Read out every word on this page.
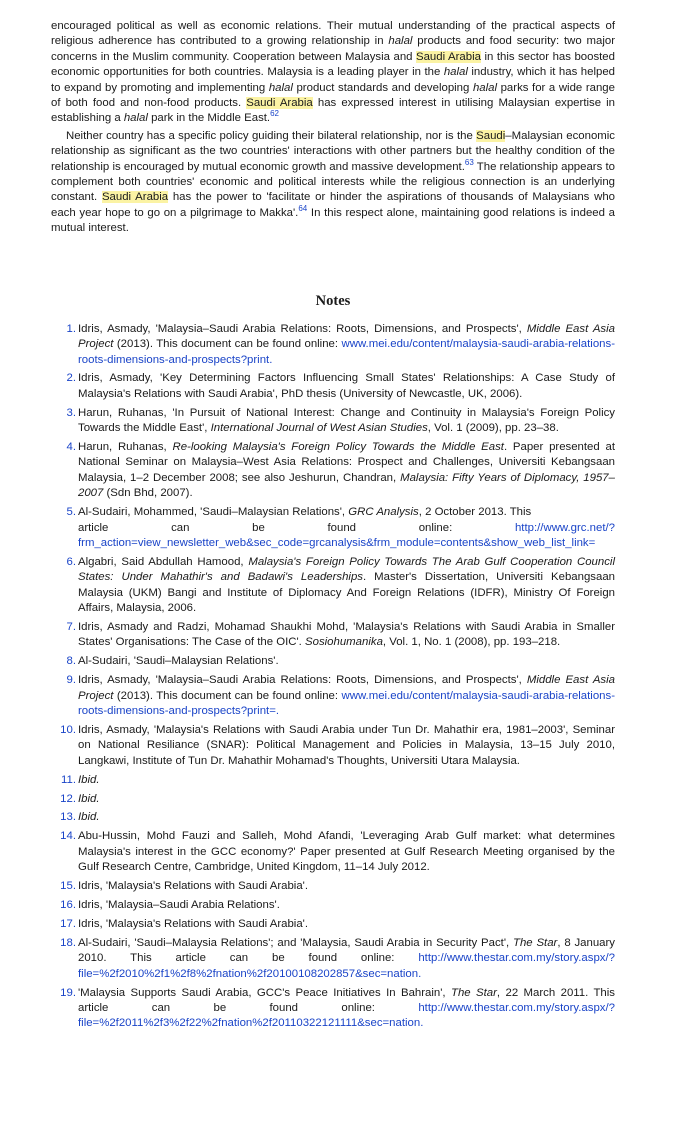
encouraged political as well as economic relations. Their mutual understanding of the practical aspects of religious adherence has contributed to a growing relationship in halal products and food security: two major concerns in the Muslim community. Cooperation between Malaysia and Saudi Arabia in this sector has boosted economic opportunities for both countries. Malaysia is a leading player in the halal industry, which it has helped to expand by promoting and implementing halal product standards and developing halal parks for a wide range of both food and non-food products. Saudi Arabia has expressed interest in utilising Malaysian expertise in establishing a halal park in the Middle East.$^{62}$

Neither country has a specific policy guiding their bilateral relationship, nor is the Saudi–Malaysian economic relationship as significant as the two countries' interactions with other partners but the healthy condition of the relationship is encouraged by mutual economic growth and massive development.$^{63}$ The relationship appears to complement both countries' economic and political interests while the religious connection is an underlying constant. Saudi Arabia has the power to 'facilitate or hinder the aspirations of thousands of Malaysians who each year hope to go on a pilgrimage to Makka'.$^{64}$ In this respect alone, maintaining good relations is indeed a mutual interest.

Notes
1. Idris, Asmady, 'Malaysia–Saudi Arabia Relations: Roots, Dimensions, and Prospects', Middle East Asia Project (2013). This document can be found online: www.mei.edu/content/malaysia-saudi-arabia-relations-roots-dimensions-and-prospects?print.
2. Idris, Asmady, 'Key Determining Factors Influencing Small States' Relationships: A Case Study of Malaysia's Relations with Saudi Arabia', PhD thesis (University of Newcastle, UK, 2006).
3. Harun, Ruhanas, 'In Pursuit of National Interest: Change and Continuity in Malaysia's Foreign Policy Towards the Middle East', International Journal of West Asian Studies, Vol. 1 (2009), pp. 23–38.
4. Harun, Ruhanas, Re-looking Malaysia's Foreign Policy Towards the Middle East. Paper presented at National Seminar on Malaysia–West Asia Relations: Prospect and Challenges, Universiti Kebangsaan Malaysia, 1–2 December 2008; see also Jeshurun, Chandran, Malaysia: Fifty Years of Diplomacy, 1957–2007 (Sdn Bhd, 2007).
5. Al-Sudairi, Mohammed, 'Saudi–Malaysian Relations', GRC Analysis, 2 October 2013. This
article	can	be	found	online:	http://www.grc.net/?
frm_action=view_newsletter_web&sec_code=grcanalysis&frm_module=contents&show_web_list_link=
6. Algabri, Said Abdullah Hamood, Malaysia's Foreign Policy Towards The Arab Gulf Cooperation Council States: Under Mahathir's and Badawi's Leaderships. Master's Dissertation, Universiti Kebangsaan Malaysia (UKM) Bangi and Institute of Diplomacy And Foreign Relations (IDFR), Ministry Of Foreign Affairs, Malaysia, 2006.
7. Idris, Asmady and Radzi, Mohamad Shaukhi Mohd, 'Malaysia's Relations with Saudi Arabia in Smaller States' Organisations: The Case of the OIC'. Sosiohumanika, Vol. 1, No. 1 (2008), pp. 193–218.
8. Al-Sudairi, 'Saudi–Malaysian Relations'.
9. Idris, Asmady, 'Malaysia–Saudi Arabia Relations: Roots, Dimensions, and Prospects', Middle East Asia Project (2013). This document can be found online: www.mei.edu/content/malaysia-saudi-arabia-relations-roots-dimensions-and-prospects?print=.
10. Idris, Asmady, 'Malaysia's Relations with Saudi Arabia under Tun Dr. Mahathir era, 1981–2003', Seminar on National Resiliance (SNAR): Political Management and Policies in Malaysia, 13–15 July 2010, Langkawi, Institute of Tun Dr. Mahathir Mohamad's Thoughts, Universiti Utara Malaysia.
11. Ibid.
12. Ibid.
13. Ibid.
14. Abu-Hussin, Mohd Fauzi and Salleh, Mohd Afandi, 'Leveraging Arab Gulf market: what determines Malaysia's interest in the GCC economy?' Paper presented at Gulf Research Meeting organised by the Gulf Research Centre, Cambridge, United Kingdom, 11–14 July 2012.
15. Idris, 'Malaysia's Relations with Saudi Arabia'.
16. Idris, 'Malaysia–Saudi Arabia Relations'.
17. Idris, 'Malaysia's Relations with Saudi Arabia'.
18. Al-Sudairi, 'Saudi–Malaysia Relations'; and 'Malaysia, Saudi Arabia in Security Pact', The Star, 8 January 2010. This article can be found online: http://www.thestar.com.my/story.aspx/?file=%2f2010%2f1%2f8%2fnation%2f20100108202857&sec=nation.
19. 'Malaysia Supports Saudi Arabia, GCC's Peace Initiatives In Bahrain', The Star, 22 March 2011. This article can be found online: http://www.thestar.com.my/story.aspx/?file=%2f2011%2f3%2f22%2fnation%2f20110322121111&sec=nation.
